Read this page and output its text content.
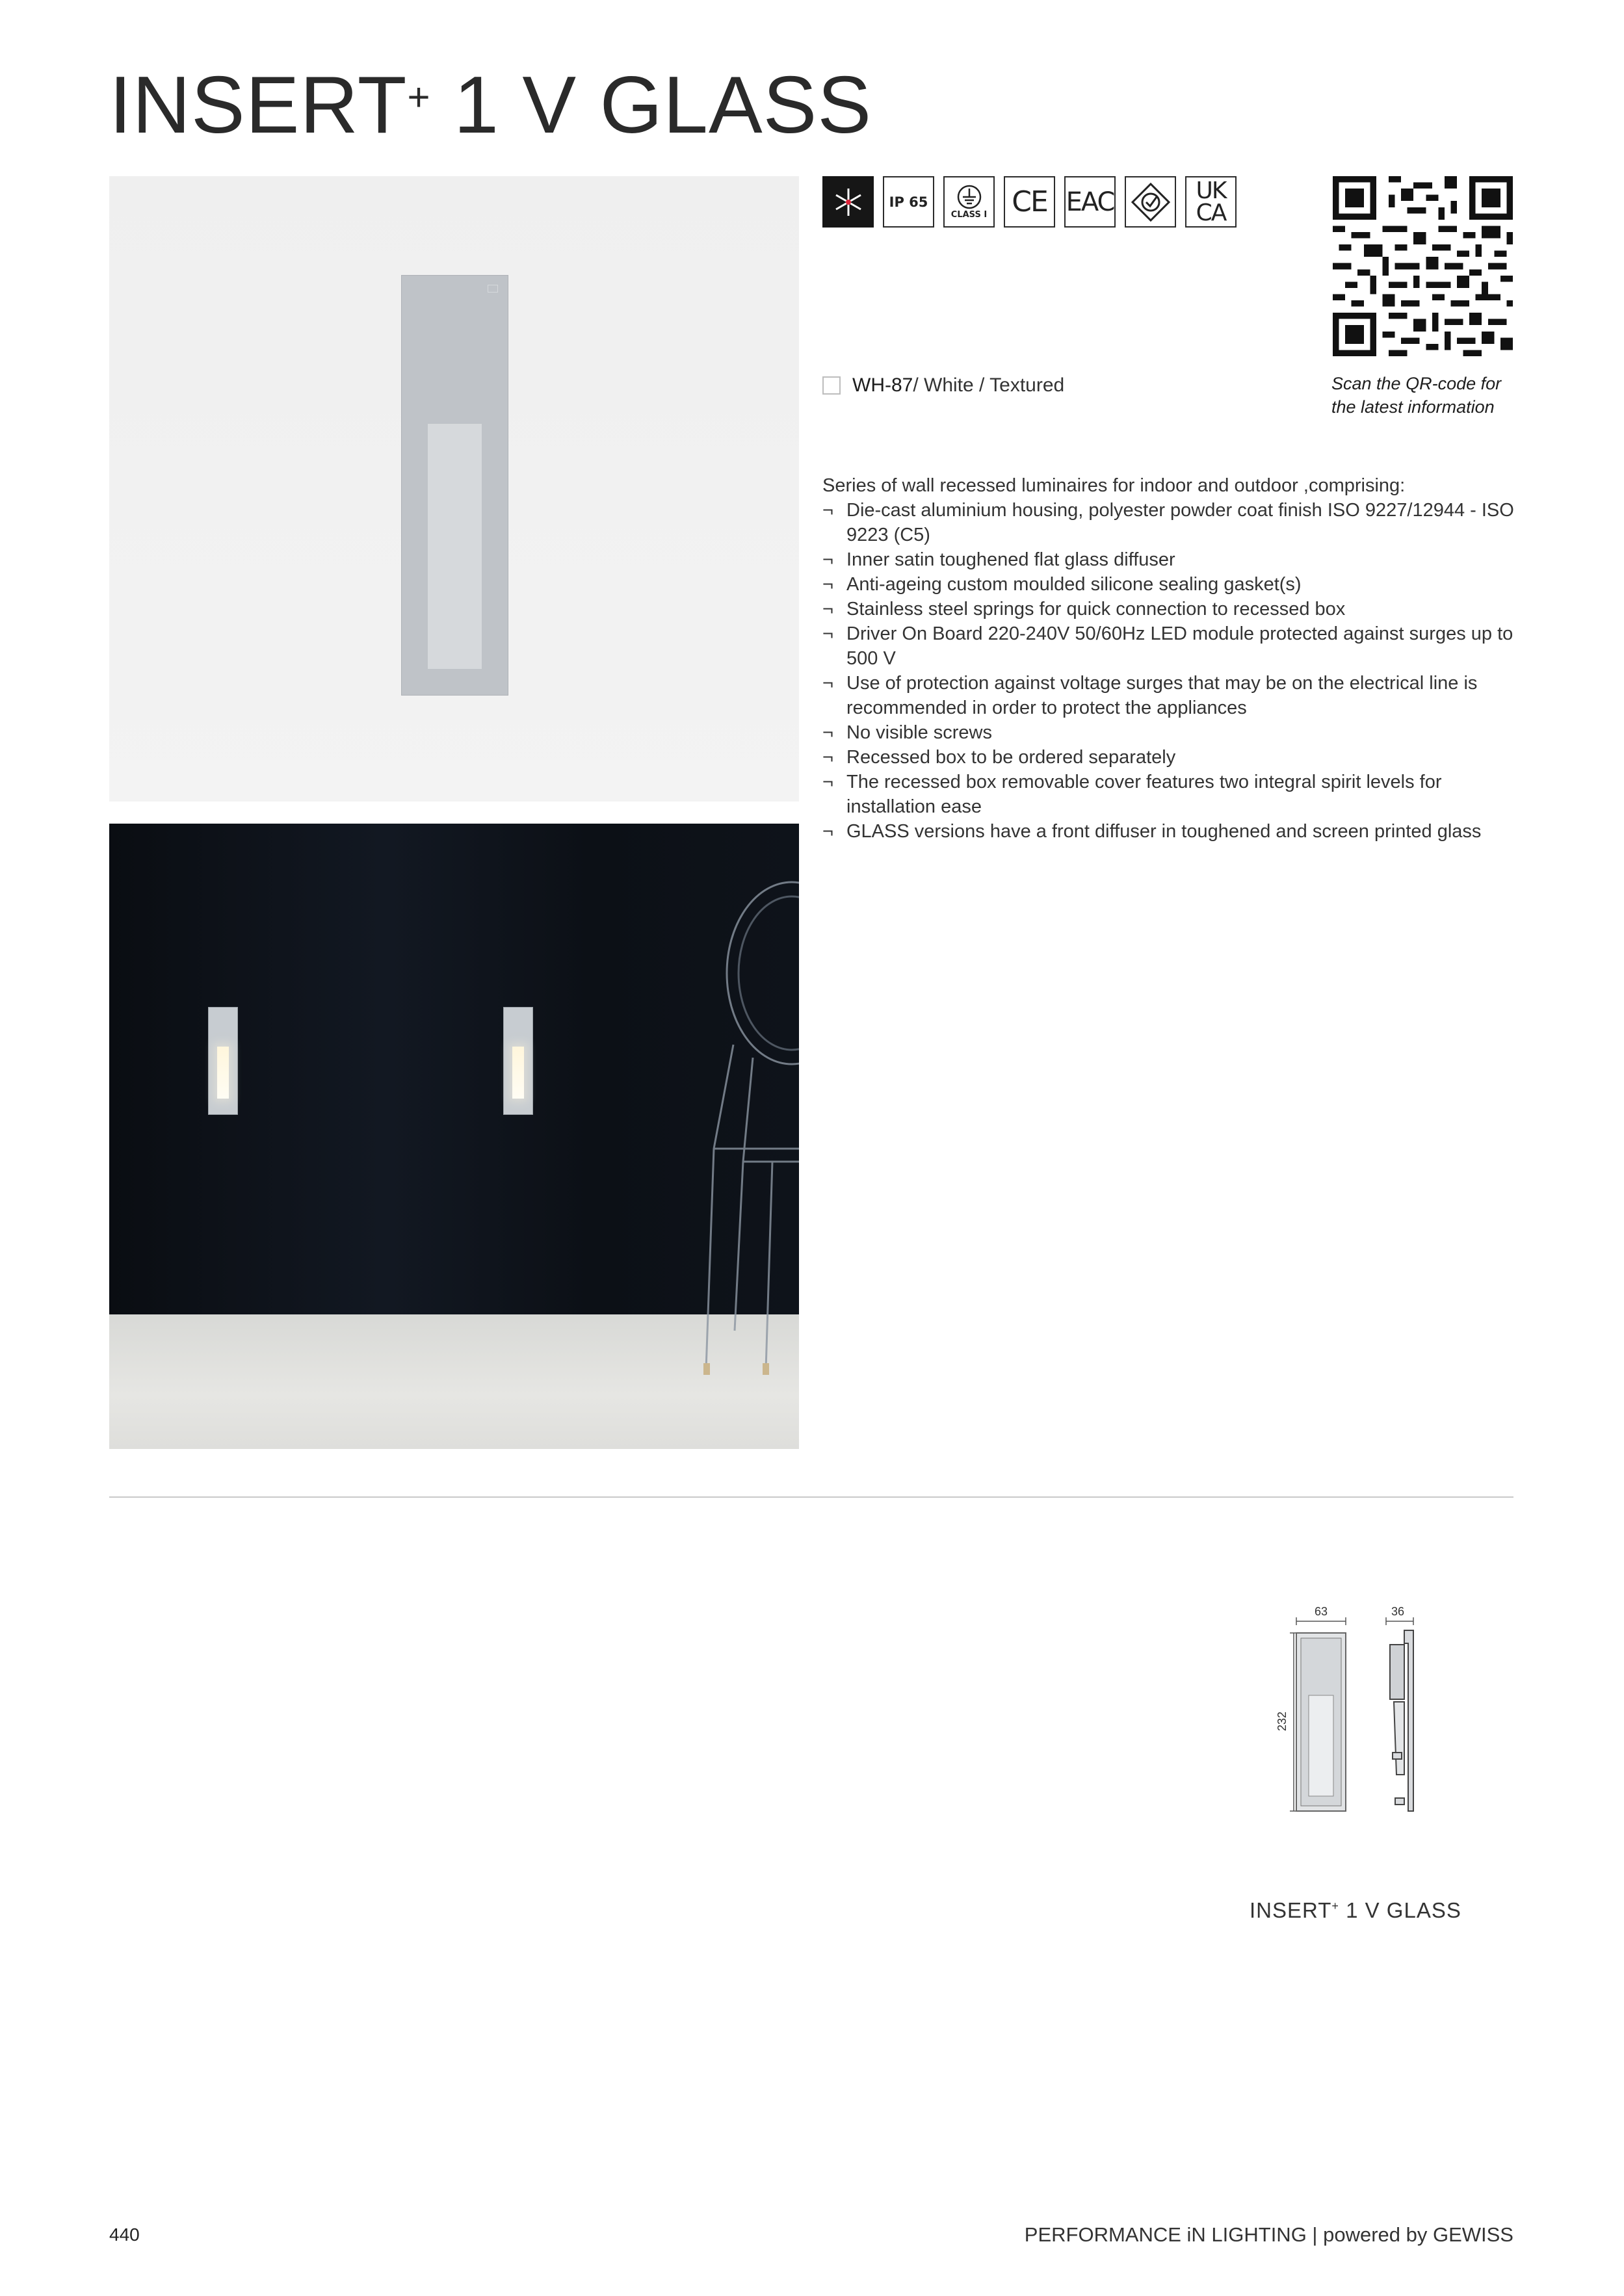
INSERT+ 1 V GLASS
IP 65
CLASS I CE EAC	UK
CA
Scan the QR-code for
the latest information
WH-87 / White / Textured

Series of wall recessed luminaires for indoor and outdoor ,comprising:

¬ Die-cast aluminium housing, polyester powder coat finish ISO 9227/12944 - ISO 9223 (C5)
¬ Inner satin toughened flat glass diffuser
¬ Anti-ageing custom moulded silicone sealing gasket(s)
¬ Stainless steel springs for quick connection to recessed box
¬ Driver On Board 220-240V 50/60Hz LED module protected against surges up to 500 V
¬ Use of protection against voltage surges that may be on the electrical line is recommended in order to protect the appliances
¬ No visible screws
¬ Recessed box to be ordered separately
¬ The recessed box removable cover features two integral spirit levels for installation ease
¬ GLASS versions have a front diffuser in toughened and screen printed glass
63	36
232
INSERT+ 1 V GLASS
440	PERFORMANCE iN LIGHTING | powered by GEWISS
